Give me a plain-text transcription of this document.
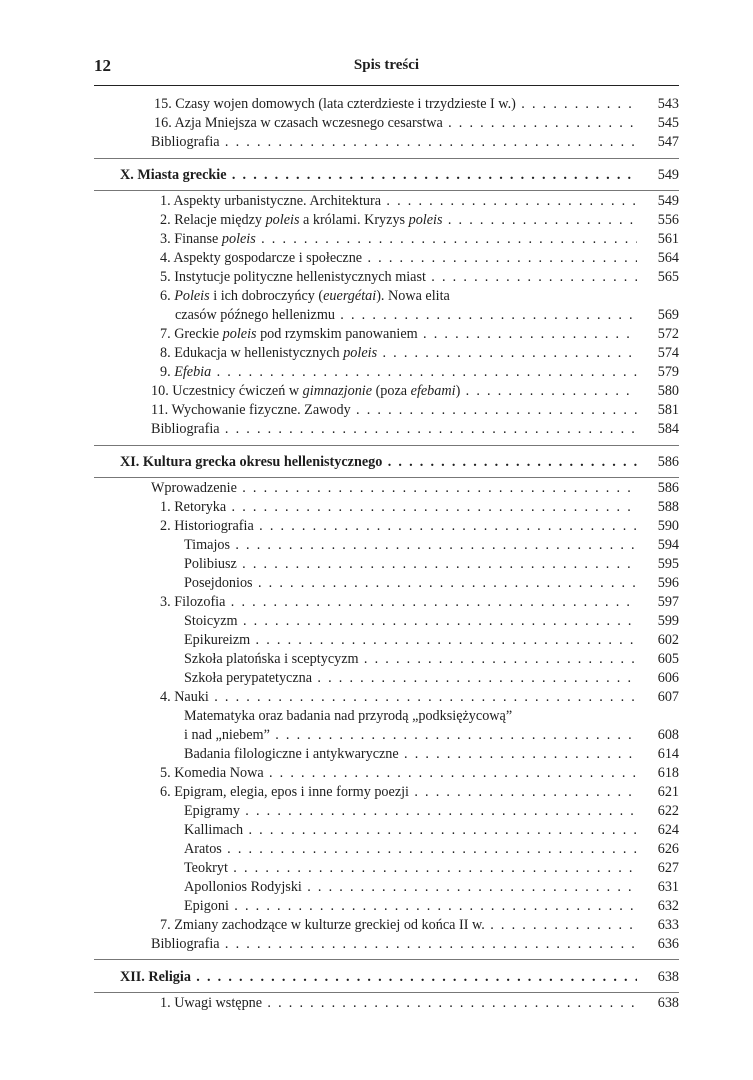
12	Spis treści
15. Czasy wojen domowych (lata czterdzieste i trzydzieste I w.) . . .	543
16. Azja Mniejsza w czasach wczesnego cesarstwa . . .	545
Bibliografia . . .	547
X. Miasta greckie . . .	549
1. Aspekty urbanistyczne. Architektura . . .	549
2. Relacje między poleis a królami. Kryzys poleis . . .	556
3. Finanse poleis . . .	561
4. Aspekty gospodarcze i społeczne . . .	564
5. Instytucje polityczne hellenistycznych miast . . .	565
6. Poleis i ich dobroczyńcy (euergétai). Nowa elita
czasów późnego hellenizmu . . .	569
7. Greckie poleis pod rzymskim panowaniem . . .	572
8. Edukacja w hellenistycznych poleis . . .	574
9. Efebia . . .	579
10. Uczestnicy ćwiczeń w gimnazjonie (poza efebami) . . .	580
11. Wychowanie fizyczne. Zawody . . .	581
Bibliografia . . .	584
XI. Kultura grecka okresu hellenistycznego . . .	586
Wprowadzenie . . .	586
1. Retoryka . . .	588
2. Historiografia . . .	590
Timajos . . .	594
Polibiusz . . .	595
Posejdonios . . .	596
3. Filozofia . . .	597
Stoicyzm . . .	599
Epikureizm . . .	602
Szkoła platońska i sceptycyzm . . .	605
Szkoła perypatetyczna . . .	606
4. Nauki . . .	607
Matematyka oraz badania nad przyrodą „podksiężycową”
i nad „niebem” . . .	608
Badania filologiczne i antykwaryczne . . .	614
5. Komedia Nowa . . .	618
6. Epigram, elegia, epos i inne formy poezji . . .	621
Epigramy . . .	622
Kallimach . . .	624
Aratos . . .	626
Teokryt . . .	627
Apollonios Rodyjski . . .	631
Epigoni . . .	632
7. Zmiany zachodzące w kulturze greckiej od końca II w. . . .	633
Bibliografia . . .	636
XII. Religia . . .	638
1. Uwagi wstępne . . .	638
